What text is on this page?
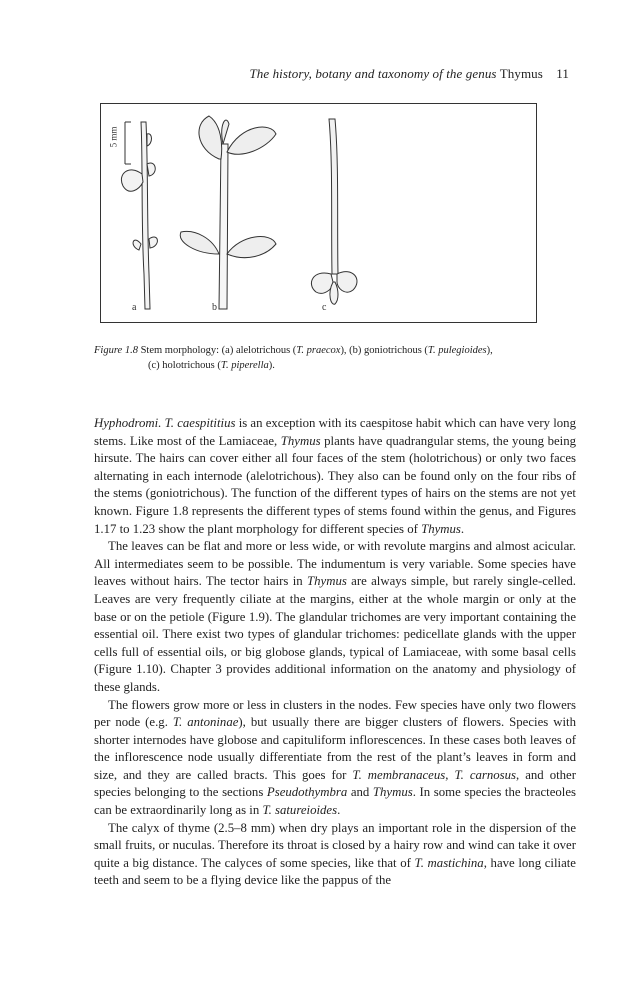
The history, botany and taxonomy of the genus Thymus 11
5 mm
a	b	c
Figure 1.8 Stem morphology: (a) alelotrichous (T. praecox), (b) goniotrichous (T. pulegioides),
(c) holotrichous (T. piperella).

Hyphodromi. T. caespititius is an exception with its caespitose habit which can have very long stems. Like most of the Lamiaceae, Thymus plants have quadrangular stems, the young being hirsute. The hairs can cover either all four faces of the stem (holotrichous) or only two faces alternating in each internode (alelotrichous). They also can be found only on the four ribs of the stems (goniotrichous). The function of the different types of hairs on the stems are not yet known. Figure 1.8 represents the different types of stems found within the genus, and Figures 1.17 to 1.23 show the plant morphology for different species of Thymus.

The leaves can be flat and more or less wide, or with revolute margins and almost acicular. All intermediates seem to be possible. The indumentum is very variable. Some species have leaves without hairs. The tector hairs in Thymus are always simple, but rarely single-celled. Leaves are very frequently ciliate at the margins, either at the whole margin or only at the base or on the petiole (Figure 1.9). The glandular trichomes are very important containing the essential oil. There exist two types of glandular trichomes: pedicellate glands with the upper cells full of essential oils, or big globose glands, typical of Lamiaceae, with some basal cells (Figure 1.10). Chapter 3 provides additional information on the anatomy and physiology of these glands.

The flowers grow more or less in clusters in the nodes. Few species have only two flowers per node (e.g. T. antoninae), but usually there are bigger clusters of flowers. Species with shorter internodes have globose and capituliform inflorescences. In these cases both leaves of the inflorescence node usually differentiate from the rest of the plant’s leaves in form and size, and they are called bracts. This goes for T. membranaceus, T. carnosus, and other species belonging to the sections Pseudothymbra and Thymus. In some species the bracteoles can be extraordinarily long as in T. satureioides.

The calyx of thyme (2.5–8 mm) when dry plays an important role in the dispersion of the small fruits, or nuculas. Therefore its throat is closed by a hairy row and wind can take it over quite a big distance. The calyces of some species, like that of T. mastichina, have long ciliate teeth and seem to be a flying device like the pappus of the
